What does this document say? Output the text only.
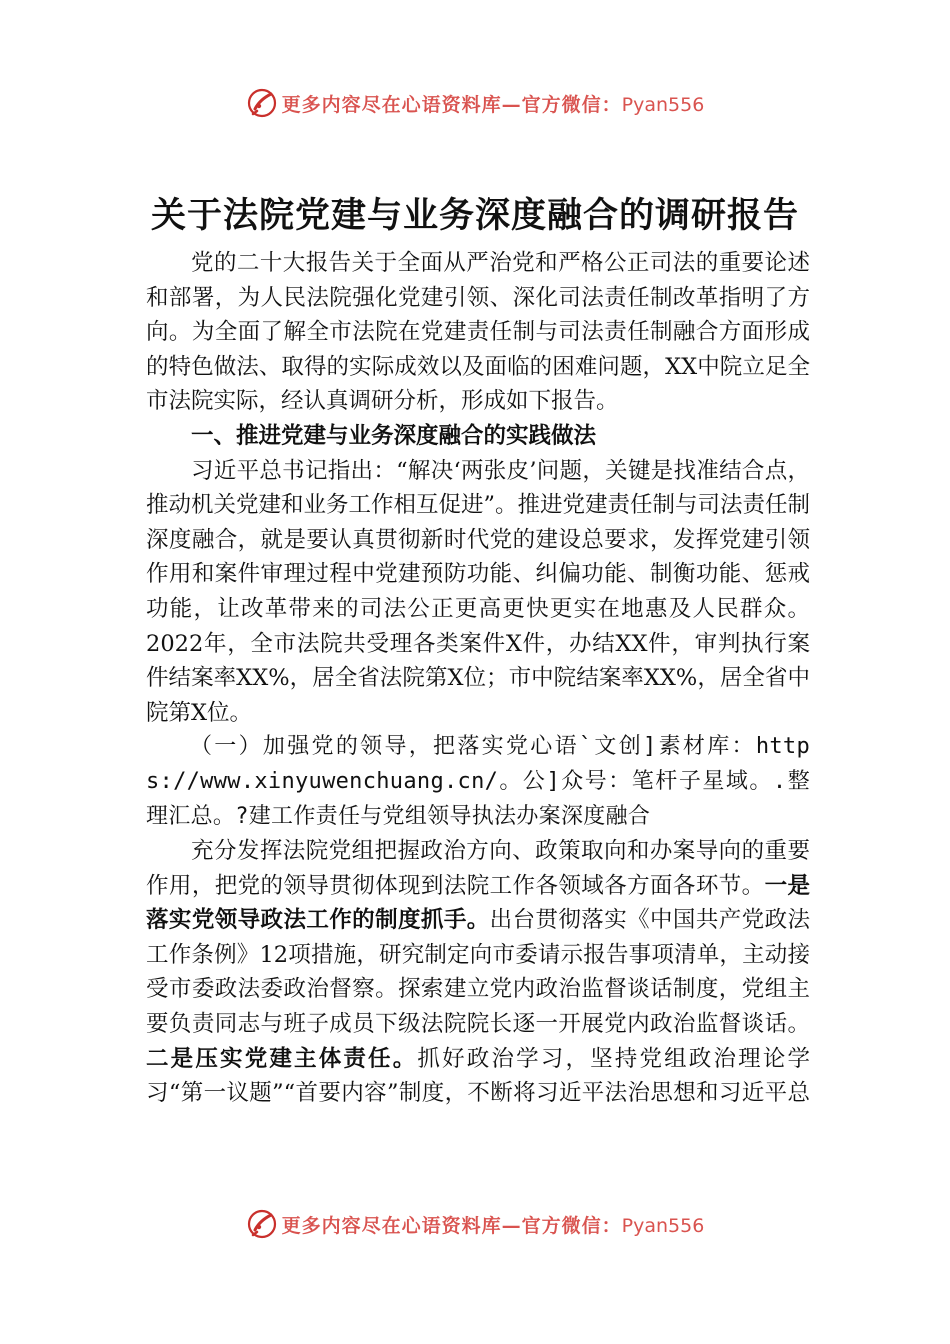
更多内容尽在心语资料库—官方微信：Pyan556
关于法院党建与业务深度融合的调研报告

党的二十大报告关于全面从严治党和严格公正司法的重要论述和部署，为人民法院强化党建引领、深化司法责任制改革指明了方向。为全面了解全市法院在党建责任制与司法责任制融合方面形成的特色做法、取得的实际成效以及面临的困难问题，XX中院立足全市法院实际，经认真调研分析，形成如下报告。

一、推进党建与业务深度融合的实践做法

习近平总书记指出：“解决‘两张皮’问题，关键是找准结合点，推动机关党建和业务工作相互促进”。推进党建责任制与司法责任制深度融合，就是要认真贯彻新时代党的建设总要求，发挥党建引领作用和案件审理过程中党建预防功能、纠偏功能、制衡功能、惩戒功能，让改革带来的司法公正更高更快更实在地惠及人民群众。2022年，全市法院共受理各类案件X件，办结XX件，审判执行案件结案率XX%，居全省法院第X位；市中院结案率XX%，居全省中院第X位。

（一）加强党的领导，把落实党心语`文创]素材库：https://www.xinyuwenchuang.cn/。公]众号：笔杆子星域。.整理汇总。?建工作责任与党组领导执法办案深度融合

充分发挥法院党组把握政治方向、政策取向和办案导向的重要作用，把党的领导贯彻体现到法院工作各领域各方面各环节。一是落实党领导政法工作的制度抓手。出台贯彻落实《中国共产党政法工作条例》12项措施，研究制定向市委请示报告事项清单，主动接受市委政法委政治督察。探索建立党内政治监督谈话制度，党组主要负责同志与班子成员下级法院院长逐一开展党内政治监督谈话。二是压实党建主体责任。抓好政治学习，坚持党组政治理论学习“第一议题”“首要内容”制度，不断将习近平法治思想和习近平总

更多内容尽在心语资料库—官方微信：Pyan556
